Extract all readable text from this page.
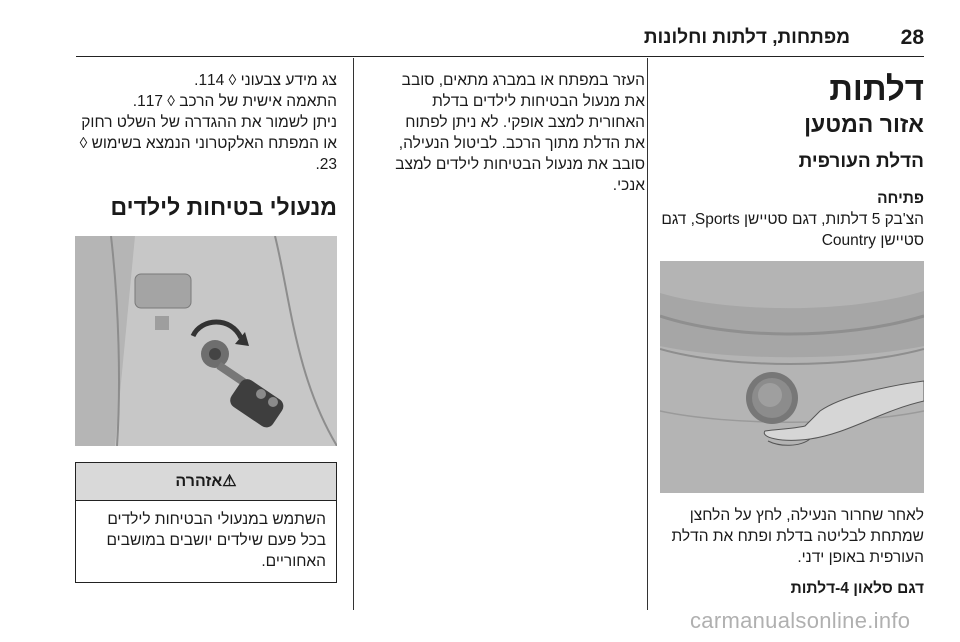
28
מפתחות, דלתות וחלונות
דלתות
אזור המטען
הדלת העורפית
פתיחה

הצ'בק 5 דלתות, דגם סטיישן Sports, דגם סטיישן Country

לאחר שחרור הנעילה, לחץ על הלחצן שמתחת לבליטה בדלת ופתח את הדלת העורפית באופן ידני.

דגם סלאון 4-דלתות

העזר במפתח או במברג מתאים, סובב את מנעול הבטיחות לילדים בדלת האחורית למצב אופקי. לא ניתן לפתוח את הדלת מתוך הרכב. לביטול הנעילה, סובב את מנעול הבטיחות לילדים למצב אנכי.

צג מידע צבעוני ◊ 114.

התאמה אישית של הרכב ◊ 117.

ניתן לשמור את ההגדרה של השלט רחוק או המפתח האלקטרוני הנמצא בשימוש ◊ 23.

מנעולי בטיחות לילדים
⚠אזהרה

השתמש במנעולי הבטיחות לילדים בכל פעם שילדים יושבים במושבים האחוריים.

carmanualsonline.info
